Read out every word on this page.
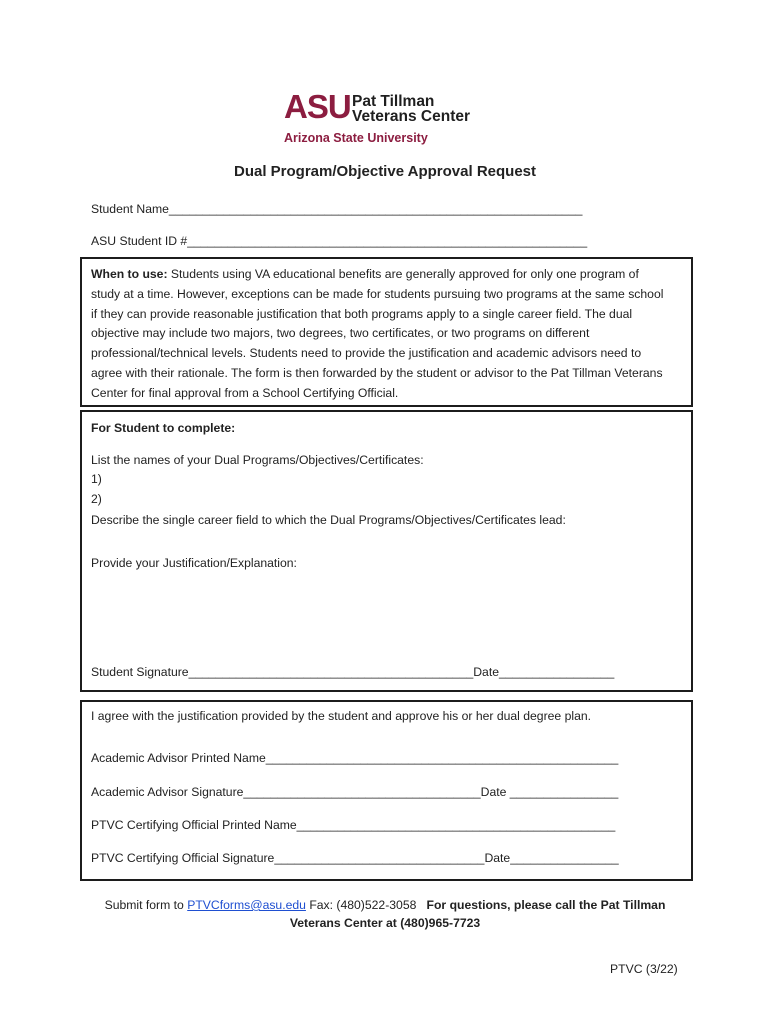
ASU Pat Tillman
Veterans Center
Arizona State University
Dual Program/Objective Approval Request
Student Name_____________________________________________________________
ASU Student ID #___________________________________________________________
When to use: Students using VA educational benefits are generally approved for only one program of study at a time. However, exceptions can be made for students pursuing two programs at the same school if they can provide reasonable justification that both programs apply to a single career field. The dual objective may include two majors, two degrees, two certificates, or two programs on different professional/technical levels. Students need to provide the justification and academic advisors need to agree with their rationale. The form is then forwarded by the student or advisor to the Pat Tillman Veterans Center for final approval from a School Certifying Official.
For Student to complete:
List the names of your Dual Programs/Objectives/Certificates:
1)
2)
Describe the single career field to which the Dual Programs/Objectives/Certificates lead:
Provide your Justification/Explanation:
Student Signature__________________________________________Date_________________
I agree with the justification provided by the student and approve his or her dual degree plan.
Academic Advisor Printed Name____________________________________________________
Academic Advisor Signature___________________________________Date ________________
PTVC Certifying Official Printed Name_______________________________________________
PTVC Certifying Official Signature_______________________________Date________________
Submit form to PTVCforms@asu.edu Fax: (480)522-3058 For questions, please call the Pat Tillman
Veterans Center at (480)965-7723
PTVC (3/22)
